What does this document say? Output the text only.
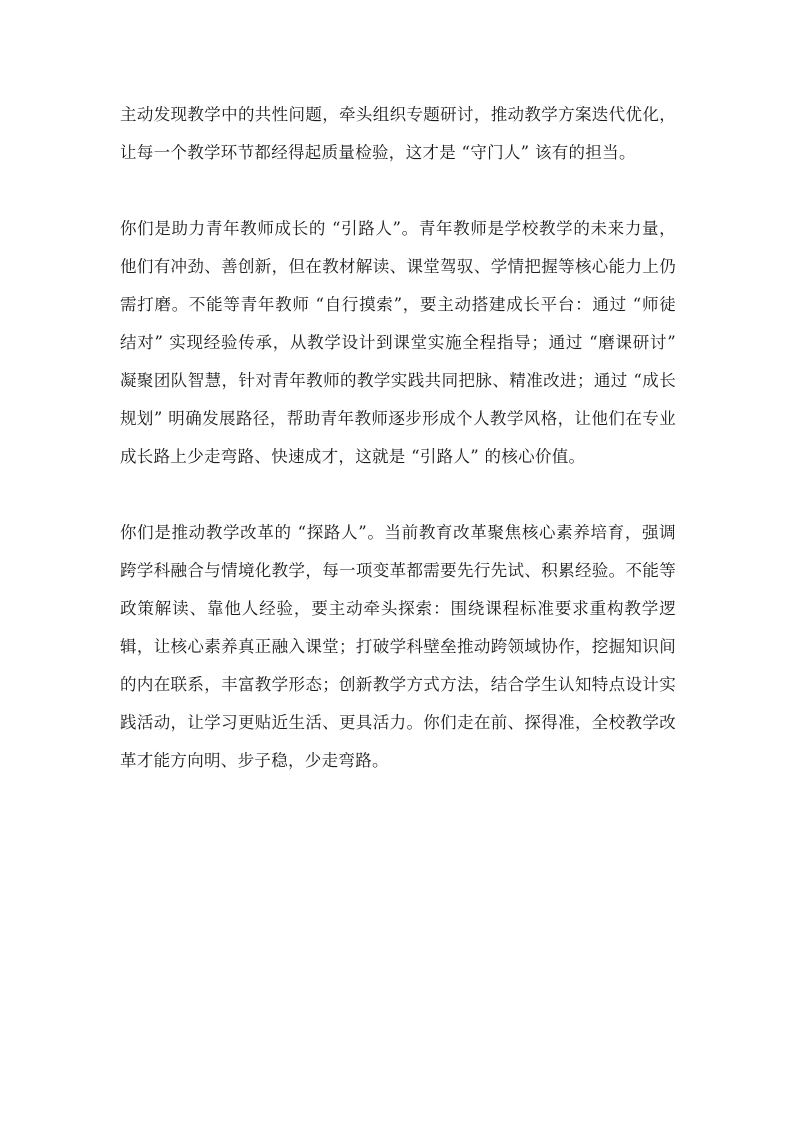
主动发现教学中的共性问题，牵头组织专题研讨，推动教学方案迭代优化，让每一个教学环节都经得起质量检验，这才是 “守门人” 该有的担当。

你们是助力青年教师成长的 “引路人”。青年教师是学校教学的未来力量，他们有冲劲、善创新，但在教材解读、课堂驾驭、学情把握等核心能力上仍需打磨。不能等青年教师 “自行摸索”，要主动搭建成长平台：通过 “师徒结对” 实现经验传承，从教学设计到课堂实施全程指导；通过 “磨课研讨” 凝聚团队智慧，针对青年教师的教学实践共同把脉、精准改进；通过 “成长规划” 明确发展路径，帮助青年教师逐步形成个人教学风格，让他们在专业成长路上少走弯路、快速成才，这就是 “引路人” 的核心价值。

你们是推动教学改革的 “探路人”。当前教育改革聚焦核心素养培育，强调跨学科融合与情境化教学，每一项变革都需要先行先试、积累经验。不能等政策解读、靠他人经验，要主动牵头探索：围绕课程标准要求重构教学逻辑，让核心素养真正融入课堂；打破学科壁垒推动跨领域协作，挖掘知识间的内在联系，丰富教学形态；创新教学方式方法，结合学生认知特点设计实践活动，让学习更贴近生活、更具活力。你们走在前、探得准，全校教学改革才能方向明、步子稳，少走弯路。
